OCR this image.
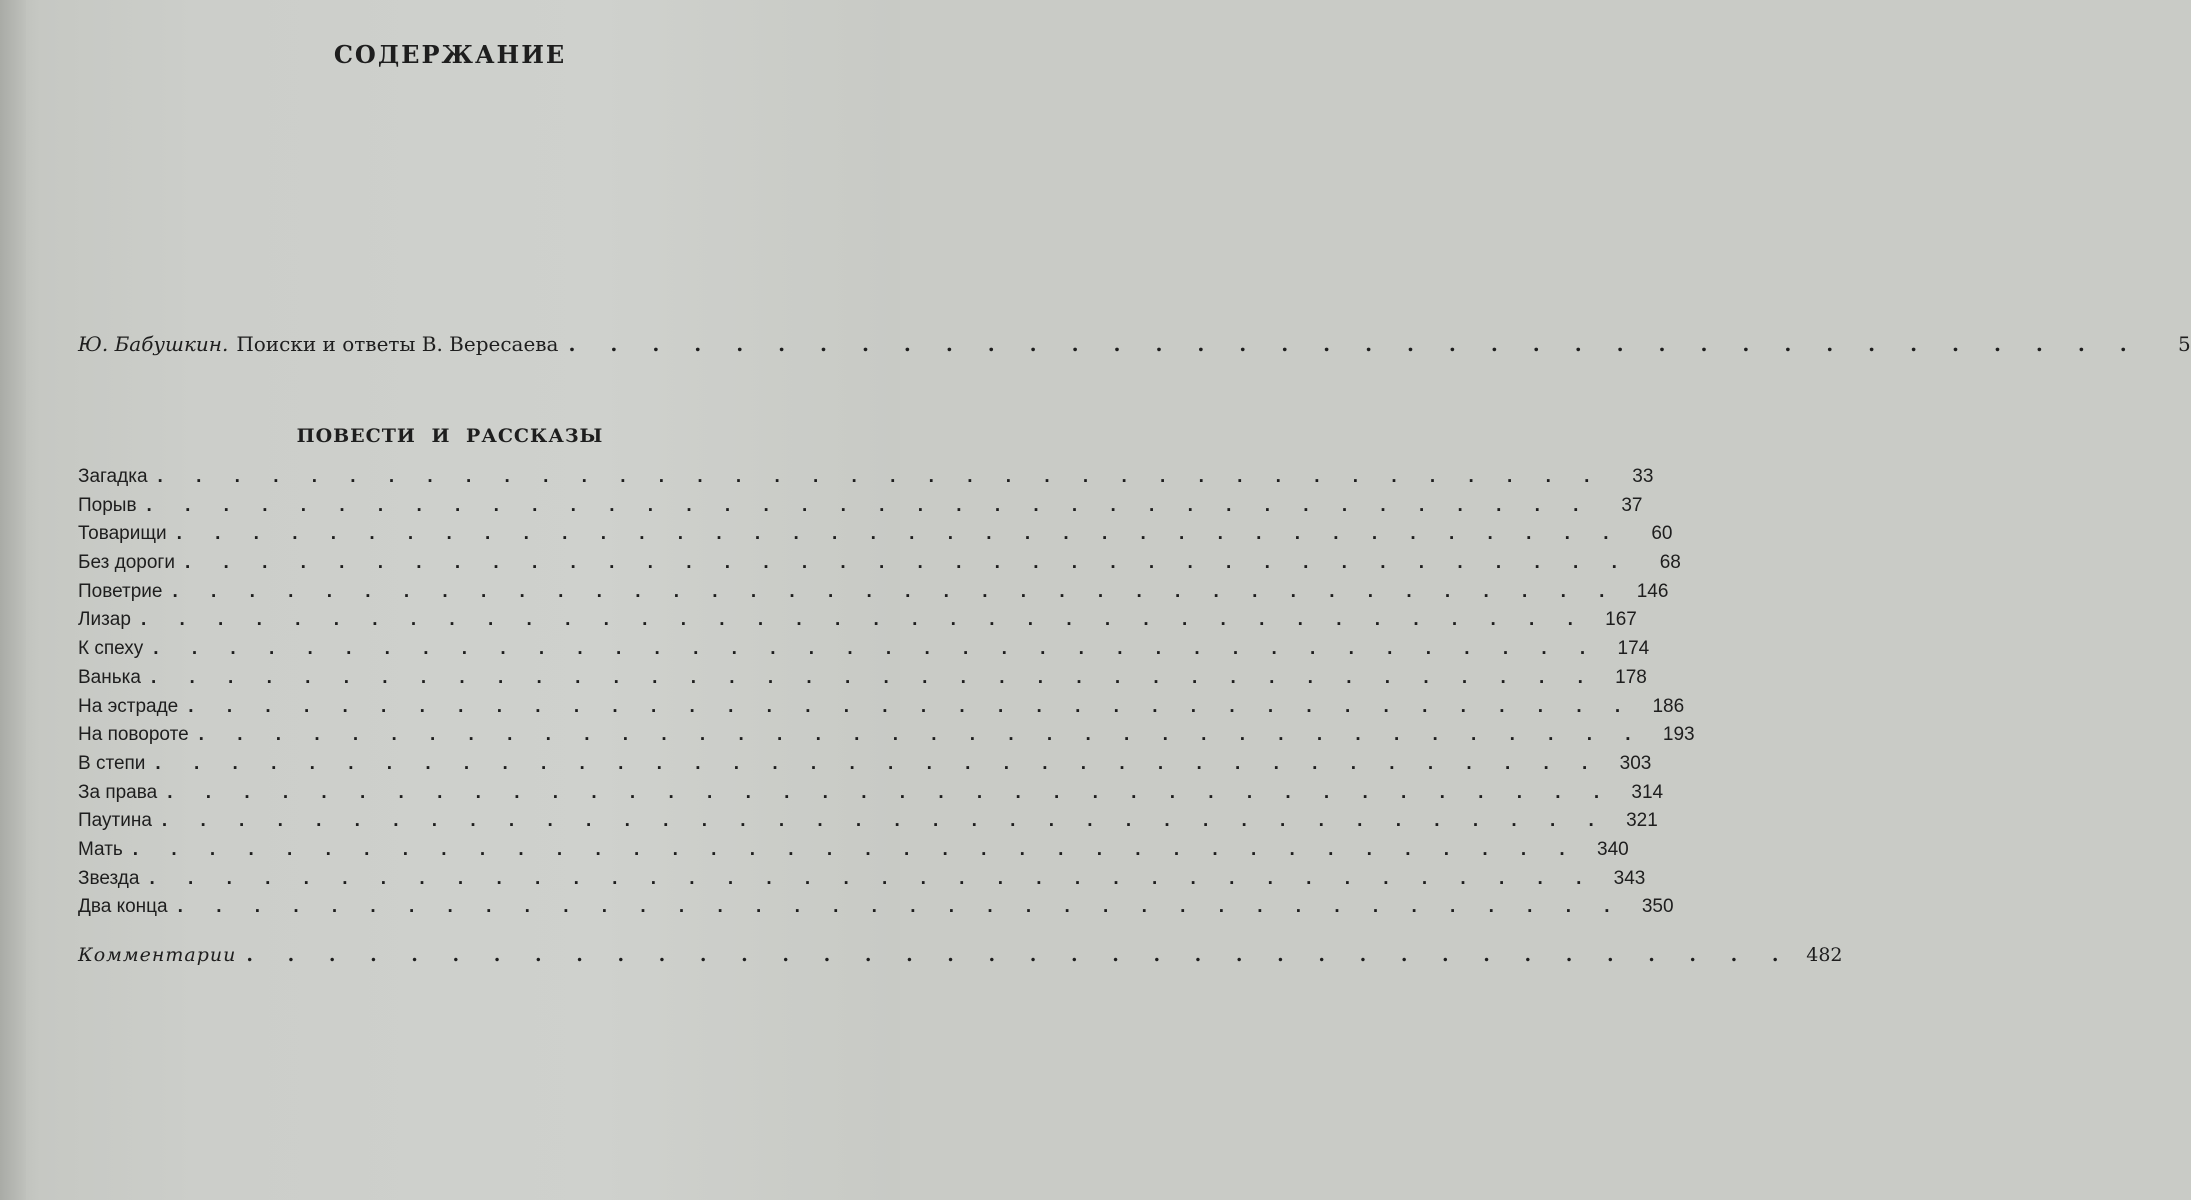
СОДЕРЖАНИЕ
Ю. Бабушкин. Поиски и ответы В. Вересаева . . . . . . . . . . . . . . . . . . . . . . . . . . . . . . . . . . . . . .	5
ПОВЕСТИ И РАССКАЗЫ
Загадка . . . . . . . . . . . . . . . . . . . . . . . . . . . . . . . . . . . . . .	33
Порыв . . . . . . . . . . . . . . . . . . . . . . . . . . . . . . . . . . . . . .	37
Товарищи . . . . . . . . . . . . . . . . . . . . . . . . . . . . . . . . . . . . . .	60
Без дороги . . . . . . . . . . . . . . . . . . . . . . . . . . . . . . . . . . . . . .	68
Поветрие . . . . . . . . . . . . . . . . . . . . . . . . . . . . . . . . . . . . . . 146
Лизар . . . . . . . . . . . . . . . . . . . . . . . . . . . . . . . . . . . . . . 167
К спеху . . . . . . . . . . . . . . . . . . . . . . . . . . . . . . . . . . . . . . 174
Ванька . . . . . . . . . . . . . . . . . . . . . . . . . . . . . . . . . . . . . . 178
На эстраде . . . . . . . . . . . . . . . . . . . . . . . . . . . . . . . . . . . . . . 186
На повороте . . . . . . . . . . . . . . . . . . . . . . . . . . . . . . . . . . . . . . 193
В степи . . . . . . . . . . . . . . . . . . . . . . . . . . . . . . . . . . . . . . 303
За права . . . . . . . . . . . . . . . . . . . . . . . . . . . . . . . . . . . . . . 314
Паутина . . . . . . . . . . . . . . . . . . . . . . . . . . . . . . . . . . . . . . 321
Мать . . . . . . . . . . . . . . . . . . . . . . . . . . . . . . . . . . . . . . 340
Звезда . . . . . . . . . . . . . . . . . . . . . . . . . . . . . . . . . . . . . . 343
Два конца . . . . . . . . . . . . . . . . . . . . . . . . . . . . . . . . . . . . . . 350
Комментарии . . . . . . . . . . . . . . . . . . . . . . . . . . . . . . . . . . . . . . 482
